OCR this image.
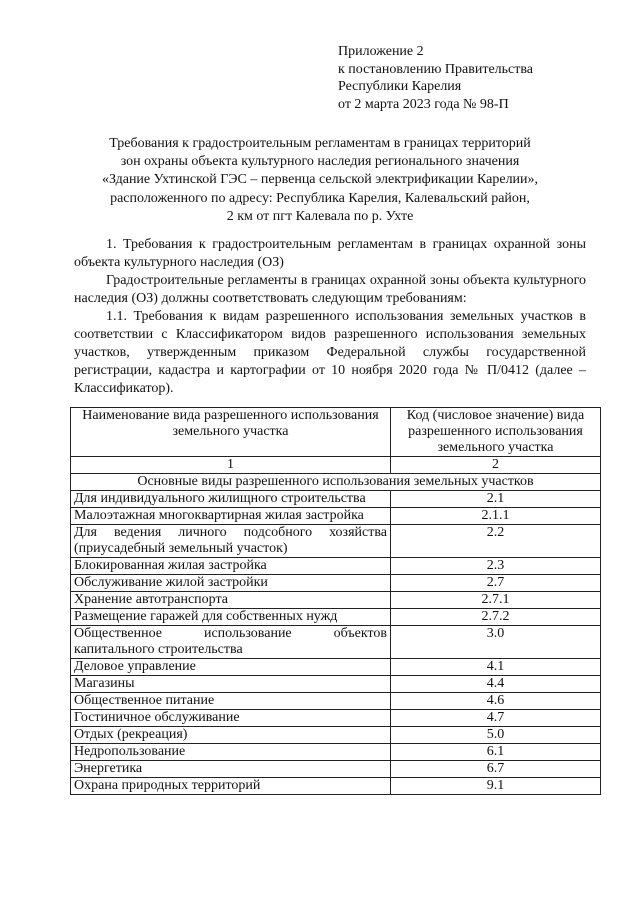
Приложение 2
к постановлению Правительства
Республики Карелия
от 2 марта 2023 года № 98-П
Требования к градостроительным регламентам в границах территорий
зон охраны объекта культурного наследия регионального значения
«Здание Ухтинской ГЭС – первенца сельской электрификации Карелии»,
расположенного по адресу: Республика Карелия, Калевальский район,
2 км от пгт Калевала по р. Ухте

1. Требования к градостроительным регламентам в границах охранной зоны объекта культурного наследия (ОЗ)

Градостроительные регламенты в границах охранной зоны объекта культурного наследия (ОЗ) должны соответствовать следующим требованиям:

1.1. Требования к видам разрешенного использования земельных участков в соответствии с Классификатором видов разрешенного использования земельных участков, утвержденным приказом Федеральной службы государственной регистрации, кадастра и картографии от 10 ноября 2020 года № П/0412 (далее – Классификатор).

Наименование вида разрешенного использования земельного участка	Код (числовое значение) вида разрешенного использования земельного участка
1	2
Основные виды разрешенного использования земельных участков	
Для индивидуального жилищного строительства	2.1
Малоэтажная многоквартирная жилая застройка	2.1.1
Для ведения личного подсобного хозяйства (приусадебный земельный участок)	2.2
Блокированная жилая застройка	2.3
Обслуживание жилой застройки	2.7
Хранение автотранспорта	2.7.1
Размещение гаражей для собственных нужд	2.7.2
Общественное использование объектов капитального строительства	3.0
Деловое управление	4.1
Магазины	4.4
Общественное питание	4.6
Гостиничное обслуживание	4.7
Отдых (рекреация)	5.0
Недропользование	6.1
Энергетика	6.7
Охрана природных территорий	9.1
